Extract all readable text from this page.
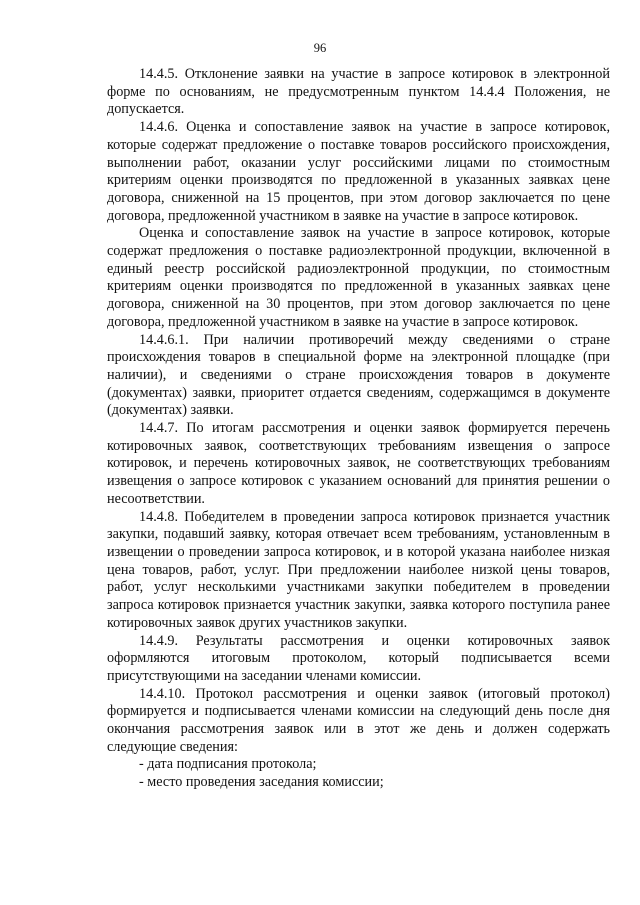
96

14.4.5. Отклонение заявки на участие в запросе котировок в электронной форме по основаниям, не предусмотренным пунктом 14.4.4 Положения, не допускается.

14.4.6. Оценка и сопоставление заявок на участие в запросе котировок, которые содержат предложение о поставке товаров российского происхождения, выполнении работ, оказании услуг российскими лицами по стоимостным критериям оценки производятся по предложенной в указанных заявках цене договора, сниженной на 15 процентов, при этом договор заключается по цене договора, предложенной участником в заявке на участие в запросе котировок.

Оценка и сопоставление заявок на участие в запросе котировок, которые содержат предложения о поставке радиоэлектронной продукции, включенной в единый реестр российской радиоэлектронной продукции, по стоимостным критериям оценки производятся по предложенной в указанных заявках цене договора, сниженной на 30 процентов, при этом договор заключается по цене договора, предложенной участником в заявке на участие в запросе котировок.

14.4.6.1. При наличии противоречий между сведениями о стране происхождения товаров в специальной форме на электронной площадке (при наличии), и сведениями о стране происхождения товаров в документе (документах) заявки, приоритет отдается сведениям, содержащимся в документе (документах) заявки.

14.4.7. По итогам рассмотрения и оценки заявок формируется перечень котировочных заявок, соответствующих требованиям извещения о запросе котировок, и перечень котировочных заявок, не соответствующих требованиям извещения о запросе котировок с указанием оснований для принятия решении о несоответствии.

14.4.8. Победителем в проведении запроса котировок признается участник закупки, подавший заявку, которая отвечает всем требованиям, установленным в извещении о проведении запроса котировок, и в которой указана наиболее низкая цена товаров, работ, услуг. При предложении наиболее низкой цены товаров, работ, услуг несколькими участниками закупки победителем в проведении запроса котировок признается участник закупки, заявка которого поступила ранее котировочных заявок других участников закупки.

14.4.9. Результаты рассмотрения и оценки котировочных заявок оформляются итоговым протоколом, который подписывается всеми присутствующими на заседании членами комиссии.

14.4.10. Протокол рассмотрения и оценки заявок (итоговый протокол) формируется и подписывается членами комиссии на следующий день после дня окончания рассмотрения заявок или в этот же день и должен содержать следующие сведения:

- дата подписания протокола;

- место проведения заседания комиссии;
